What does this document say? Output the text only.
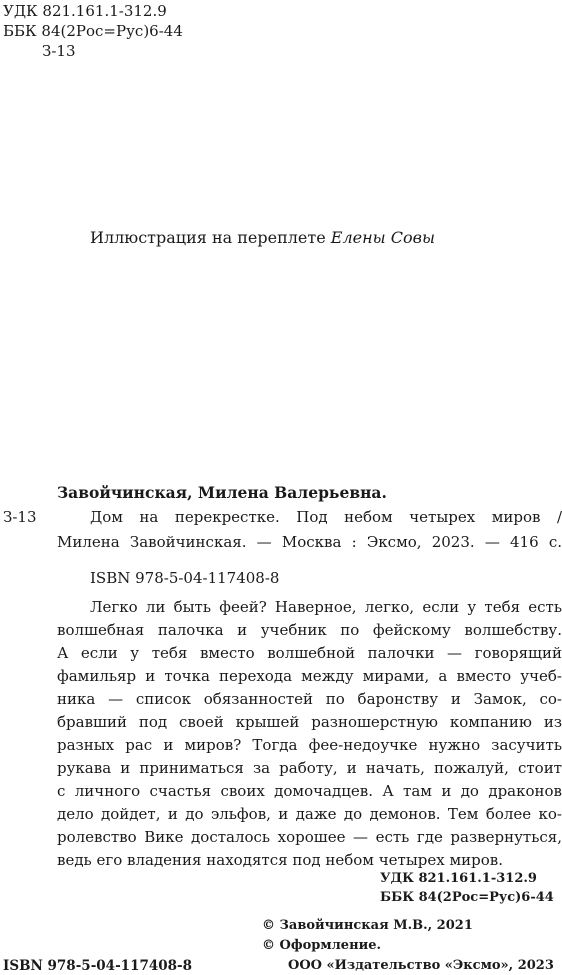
УДК 821.161.1-312.9
ББК 84(2Рос=Рус)6-44
З-13
Иллюстрация на переплете Елены Совы
Завойчинская, Милена Валерьевна.
З-13	Дом на перекрестке. Под небом четырех миров /
Милена Завойчинская. — Москва : Эксмо, 2023. — 416 с.
ISBN 978-5-04-117408-8
Легко ли быть феей? Наверное, легко, если у тебя есть
волшебная палочка и учебник по фейскому волшебству.
А если у тебя вместо волшебной палочки — говорящий
фамильяр и точка перехода между мирами, а вместо учеб-
ника — список обязанностей по баронству и Замок, со-
бравший под своей крышей разношерстную компанию из
разных рас и миров? Тогда фее-недоучке нужно засучить
рукава и приниматься за работу, и начать, пожалуй, стоит
с личного счастья своих домочадцев. А там и до драконов
дело дойдет, и до эльфов, и даже до демонов. Тем более ко-
ролевство Вике досталось хорошее — есть где развернуться,
ведь его владения находятся под небом четырех миров.
УДК 821.161.1-312.9
ББК 84(2Рос=Рус)6-44
© Завойчинская М.В., 2021
© Оформление.
ООО «Издательство «Эксмо», 2023
ISBN 978-5-04-117408-8
